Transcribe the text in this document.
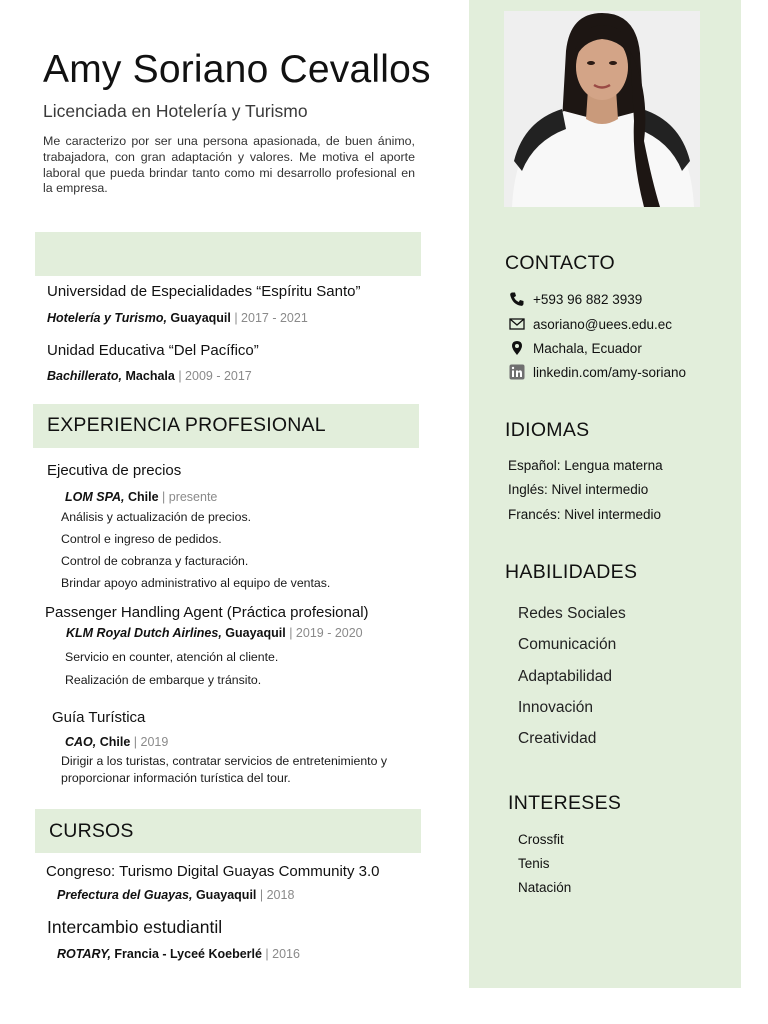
Amy Soriano Cevallos
Licenciada en Hotelería y Turismo
Me caracterizo por ser una persona apasionada, de buen ánimo, trabajadora, con gran adaptación y valores. Me motiva el aporte laboral que pueda brindar tanto como mi desarrollo profesional en la empresa.
Universidad de Especialidades “Espíritu Santo”
Hotelería y Turismo, Guayaquil | 2017 - 2021
Unidad Educativa “Del Pacífico”
Bachillerato, Machala | 2009 - 2017
EXPERIENCIA PROFESIONAL
Ejecutiva de precios
LOM SPA, Chile | presente
Análisis y actualización de precios.
Control e ingreso de pedidos.
Control de cobranza y facturación.
Brindar apoyo administrativo al equipo de ventas.
Passenger Handling Agent (Práctica profesional)
KLM Royal Dutch Airlines, Guayaquil | 2019 - 2020
Servicio en counter, atención al cliente.
Realización de embarque y tránsito.
Guía Turística
CAO, Chile | 2019
Dirigir a los turistas, contratar servicios de entretenimiento y
proporcionar información turística del tour.
CURSOS
Congreso: Turismo Digital Guayas Community 3.0
Prefectura del Guayas, Guayaquil | 2018
Intercambio estudiantil
ROTARY, Francia - Lyceé Koeberlé | 2016
CONTACTO
+593 96 882 3939
asoriano@uees.edu.ec
Machala, Ecuador
linkedin.com/amy-soriano
IDIOMAS
Español: Lengua materna
Inglés: Nivel intermedio
Francés: Nivel intermedio
HABILIDADES
Redes Sociales
Comunicación
Adaptabilidad
Innovación
Creatividad
INTERESES
Crossfit
Tenis
Natación
